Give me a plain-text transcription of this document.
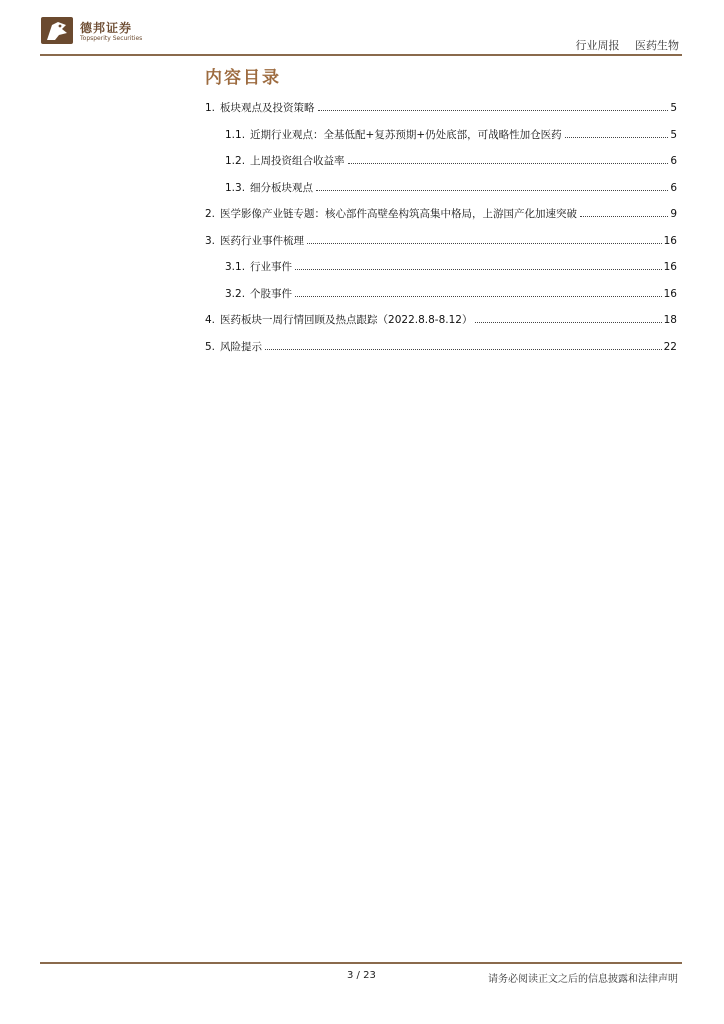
德邦证券
Topsperity Securities
行业周报 医药生物
内容目录
1. 板块观点及投资策略	5
1.1. 近期行业观点：全基低配+复苏预期+仍处底部，可战略性加仓医药	5
1.2. 上周投资组合收益率	6
1.3. 细分板块观点	6
2. 医学影像产业链专题：核心部件高壁垒构筑高集中格局，上游国产化加速突破	9
3. 医药行业事件梳理	16
3.1. 行业事件	16
3.2. 个股事件	16
4. 医药板块一周行情回顾及热点跟踪（2022.8.8-8.12）	18
5. 风险提示	22
3 / 23	请务必阅读正文之后的信息披露和法律声明
